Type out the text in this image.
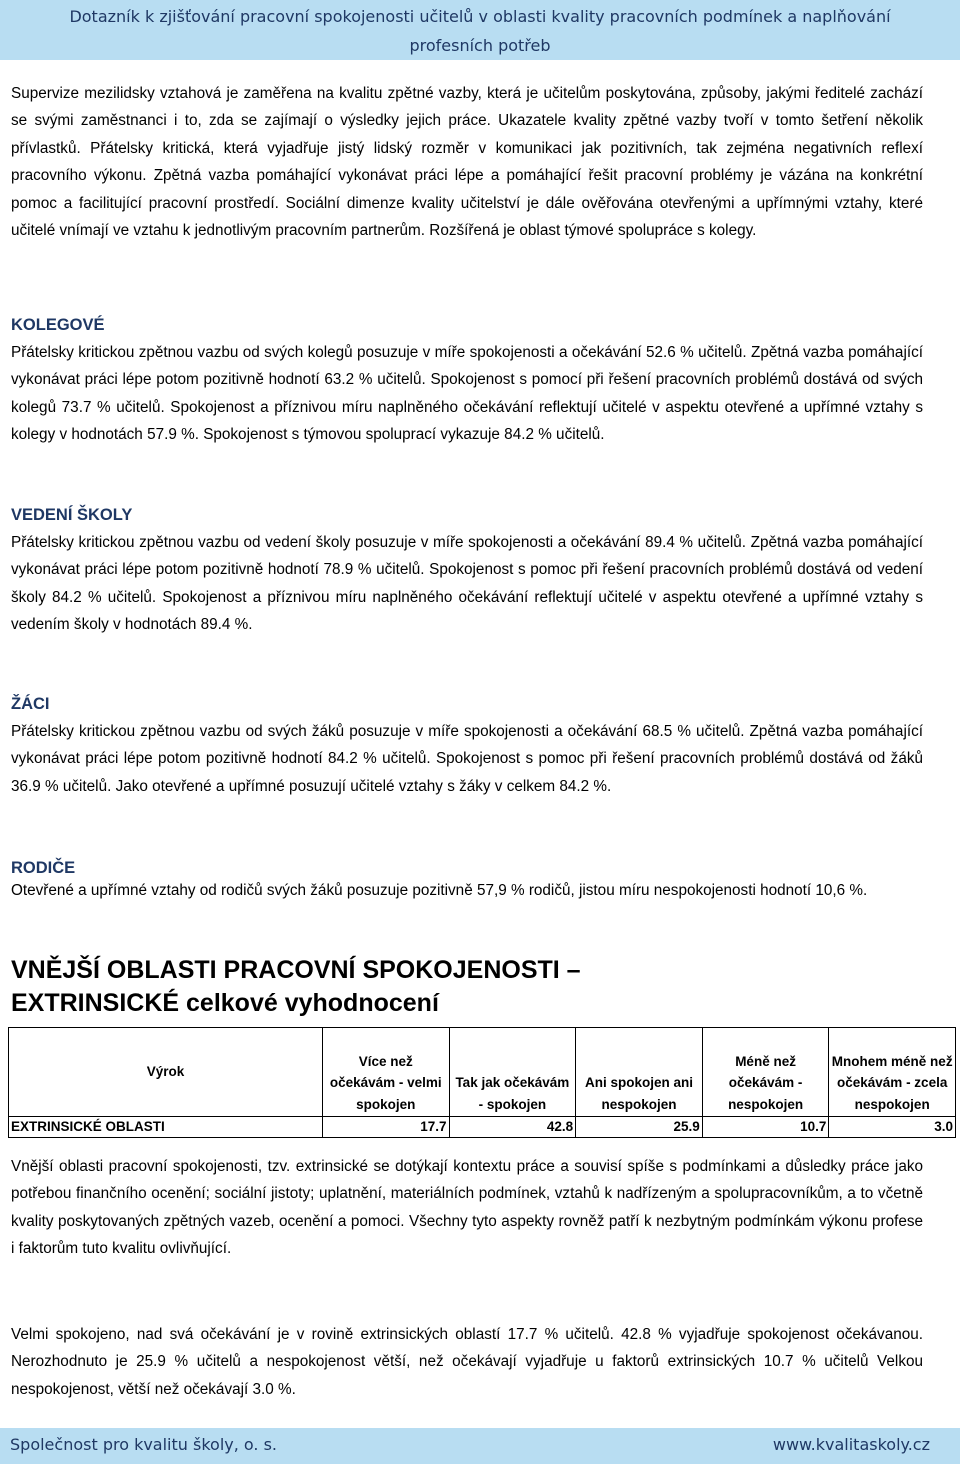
Dotazník k zjišťování pracovní spokojenosti učitelů v oblasti kvality pracovních podmínek a naplňování
profesních potřeb

Supervize mezilidsky vztahová je zaměřena na kvalitu zpětné vazby, která je učitelům poskytována, způsoby, jakými ředitelé zachází se svými zaměstnanci i to, zda se zajímají o výsledky jejich práce. Ukazatele kvality zpětné vazby tvoří v tomto šetření několik přívlastků. Přátelsky kritická, která vyjadřuje jistý lidský rozměr v komunikaci jak pozitivních, tak zejména negativních reflexí pracovního výkonu. Zpětná vazba pomáhající vykonávat práci lépe a pomáhající řešit pracovní problémy je vázána na konkrétní pomoc a facilitující pracovní prostředí. Sociální dimenze kvality učitelství je dále ověřována otevřenými a upřímnými vztahy, které učitelé vnímají ve vztahu k jednotlivým pracovním partnerům. Rozšířená je oblast týmové spolupráce s kolegy.

KOLEGOVÉ

Přátelsky kritickou zpětnou vazbu od svých kolegů posuzuje v míře spokojenosti a očekávání 52.6 % učitelů. Zpětná vazba pomáhající vykonávat práci lépe potom pozitivně hodnotí 63.2 % učitelů. Spokojenost s pomocí při řešení pracovních problémů dostává od svých kolegů 73.7 % učitelů. Spokojenost a příznivou míru naplněného očekávání reflektují učitelé v aspektu otevřené a upřímné vztahy s kolegy v hodnotách 57.9 %. Spokojenost s týmovou spoluprací vykazuje 84.2 % učitelů.

VEDENÍ ŠKOLY

Přátelsky kritickou zpětnou vazbu od vedení školy posuzuje v míře spokojenosti a očekávání 89.4 % učitelů. Zpětná vazba pomáhající vykonávat práci lépe potom pozitivně hodnotí 78.9 % učitelů. Spokojenost s pomoc při řešení pracovních problémů dostává od vedení školy 84.2 % učitelů. Spokojenost a příznivou míru naplněného očekávání reflektují učitelé v aspektu otevřené a upřímné vztahy s vedením školy v hodnotách 89.4 %.

ŽÁCI

Přátelsky kritickou zpětnou vazbu od svých žáků posuzuje v míře spokojenosti a očekávání 68.5 % učitelů. Zpětná vazba pomáhající vykonávat práci lépe potom pozitivně hodnotí 84.2 % učitelů. Spokojenost s pomoc při řešení pracovních problémů dostává od žáků 36.9 % učitelů. Jako otevřené a upřímné posuzují učitelé vztahy s žáky v celkem 84.2 %.

RODIČE

Otevřené a upřímné vztahy od rodičů svých žáků posuzuje pozitivně 57,9 % rodičů, jistou míru nespokojenosti hodnotí 10,6 %.

VNĚJŠÍ OBLASTI PRACOVNÍ SPOKOJENOSTI –
EXTRINSICKÉ celkové vyhodnocení
Výrok	Více než očekávám - velmi spokojen	Tak jak očekávám - spokojen	Ani spokojen ani nespokojen	Méně než očekávám - nespokojen	Mnohem méně než očekávám - zcela nespokojen
EXTRINSICKÉ OBLASTI	17.7	42.8	25.9	10.7	3.0

Vnější oblasti pracovní spokojenosti, tzv. extrinsické se dotýkají kontextu práce a souvisí spíše s podmínkami a důsledky práce jako potřebou finančního ocenění; sociální jistoty; uplatnění, materiálních podmínek, vztahů k nadřízeným a spolupracovníkům, a to včetně kvality poskytovaných zpětných vazeb, ocenění a pomoci. Všechny tyto aspekty rovněž patří k nezbytným podmínkám výkonu profese i faktorům tuto kvalitu ovlivňující.

Velmi spokojeno, nad svá očekávání je v rovině extrinsických oblastí 17.7 % učitelů. 42.8 % vyjadřuje spokojenost očekávanou. Nerozhodnuto je 25.9 % učitelů a nespokojenost větší, než očekávají vyjadřuje u faktorů extrinsických 10.7 % učitelů Velkou nespokojenost, větší než očekávají 3.0 %.

Společnost pro kvalitu školy, o. s.	www.kvalitaskoly.cz
